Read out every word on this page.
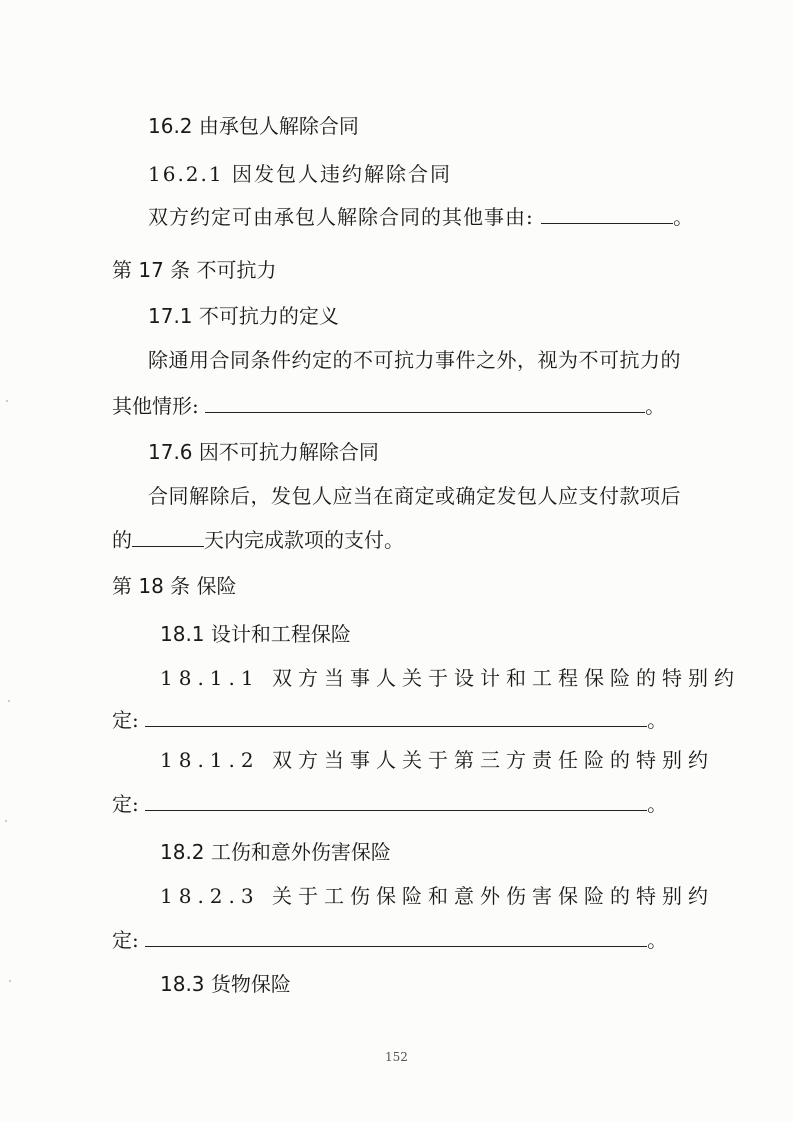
16.2 由承包人解除合同
16.2.1 因发包人违约解除合同
双方约定可由承包人解除合同的其他事由:	。
第 17 条 不可抗力
17.1 不可抗力的定义
除通用合同条件约定的不可抗力事件之外，视为不可抗力的
其他情形:	。
17.6 因不可抗力解除合同
合同解除后，发包人应当在商定或确定发包人应支付款项后
的	天内完成款项的支付。
第 18 条 保险
18.1 设计和工程保险
18.1.1 双方当事人关于设计和工程保险的特别约
定:	。
18.1.2 双方当事人关于第三方责任险的特别约
定:	。
18.2 工伤和意外伤害保险
18.2.3 关于工伤保险和意外伤害保险的特别约
定:	。
18.3 货物保险
152
